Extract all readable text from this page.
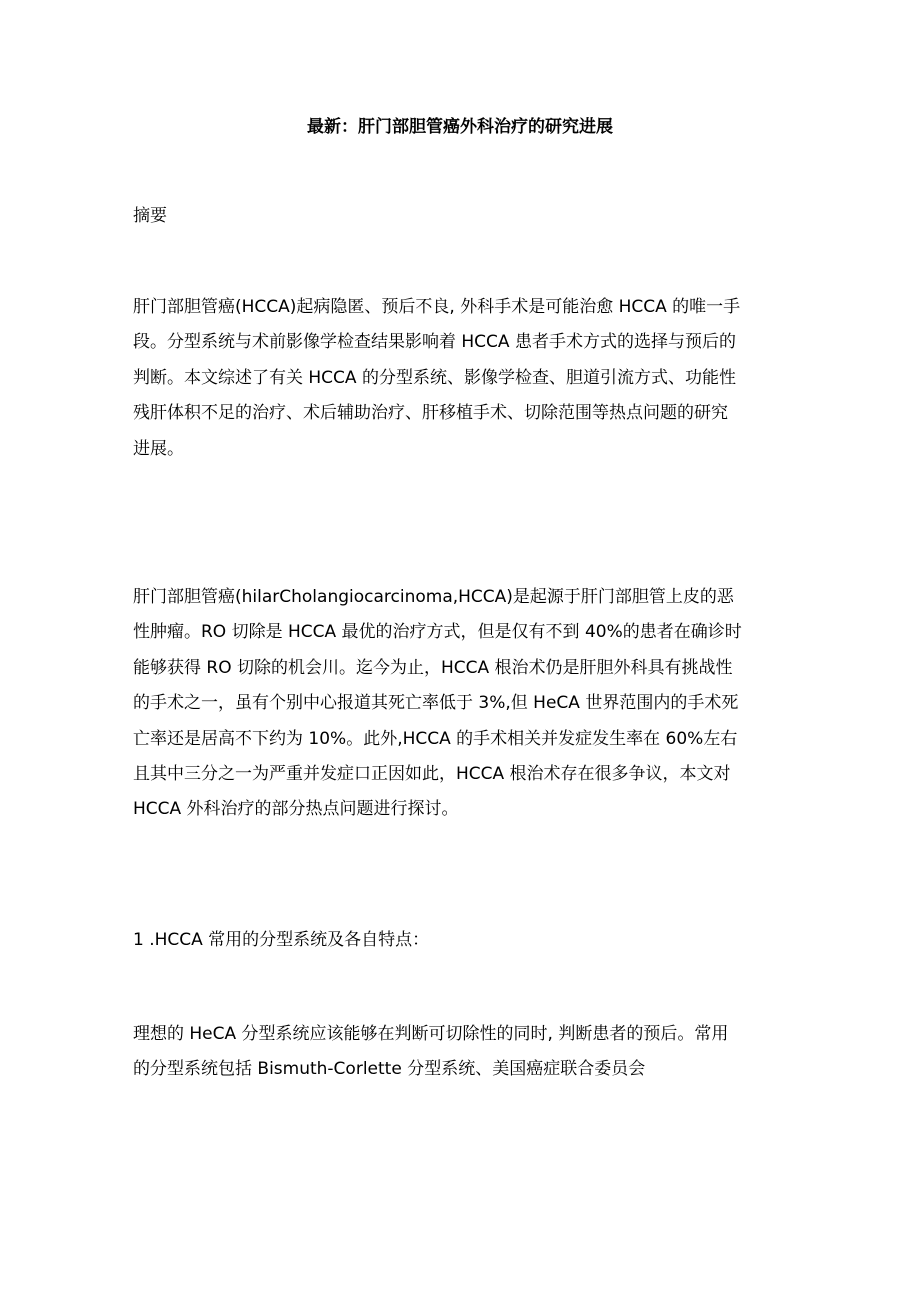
最新：肝门部胆管癌外科治疗的研究进展
摘要
肝门部胆管癌(HCCA)起病隐匿、预后不良, 外科手术是可能治愈 HCCA 的唯一手
段。分型系统与术前影像学检查结果影响着 HCCA 患者手术方式的选择与预后的
判断。本文综述了有关 HCCA 的分型系统、影像学检查、胆道引流方式、功能性
残肝体积不足的治疗、术后辅助治疗、肝移植手术、切除范围等热点问题的研究
进展。
肝门部胆管癌(hilarCholangiocarcinoma,HCCA)是起源于肝门部胆管上皮的恶
性肿瘤。RO 切除是 HCCA 最优的治疗方式，但是仅有不到 40%的患者在确诊时
能够获得 RO 切除的机会川。迄今为止，HCCA 根治术仍是肝胆外科具有挑战性
的手术之一，虽有个别中心报道其死亡率低于 3%,但 HeCA 世界范围内的手术死
亡率还是居高不下约为 10%。此外,HCCA 的手术相关并发症发生率在 60%左右
且其中三分之一为严重并发症口正因如此，HCCA 根治术存在很多争议，本文对
HCCA 外科治疗的部分热点问题进行探讨。
1 .HCCA 常用的分型系统及各自特点：
理想的 HeCA 分型系统应该能够在判断可切除性的同时, 判断患者的预后。常用
的分型系统包括 Bismuth-Corlette 分型系统、美国癌症联合委员会
